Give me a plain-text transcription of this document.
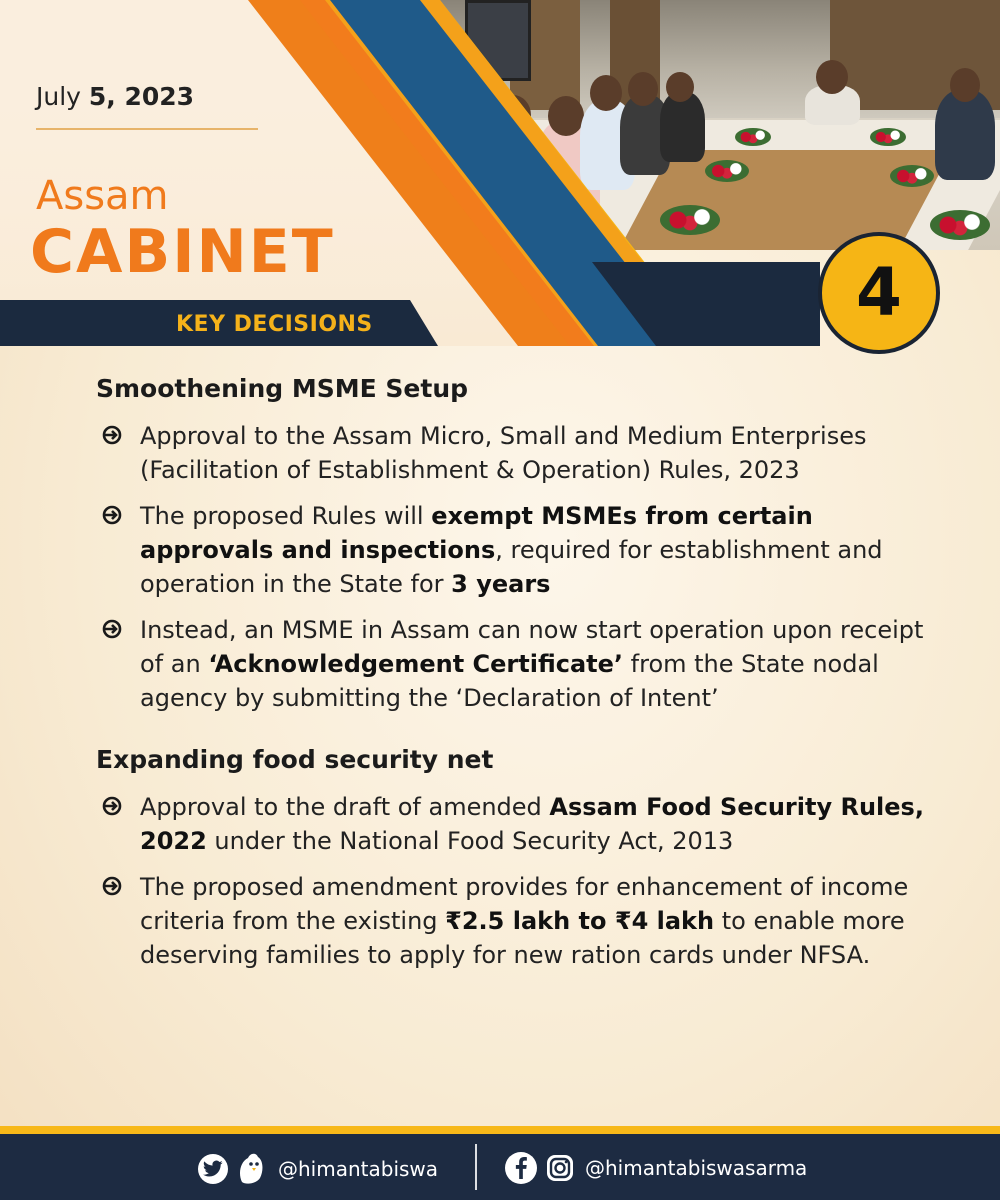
July 5, 2023
Assam
CABINET
KEY DECISIONS	4
Smoothening MSME Setup
Approval to the Assam Micro, Small and Medium Enterprises (Facilitation of Establishment & Operation) Rules, 2023
The proposed Rules will exempt MSMEs from certain approvals and inspections, required for establishment and operation in the State for 3 years
Instead, an MSME in Assam can now start operation upon receipt of an ‘Acknowledgement Certificate’ from the State nodal agency by submitting the ‘Declaration of Intent’
Expanding food security net
Approval to the draft of amended Assam Food Security Rules, 2022 under the National Food Security Act, 2013
The proposed amendment provides for enhancement of income criteria from the existing ₹2.5 lakh to ₹4 lakh to enable more deserving families to apply for new ration cards under NFSA.
@himantabiswa	@himantabiswasarma
